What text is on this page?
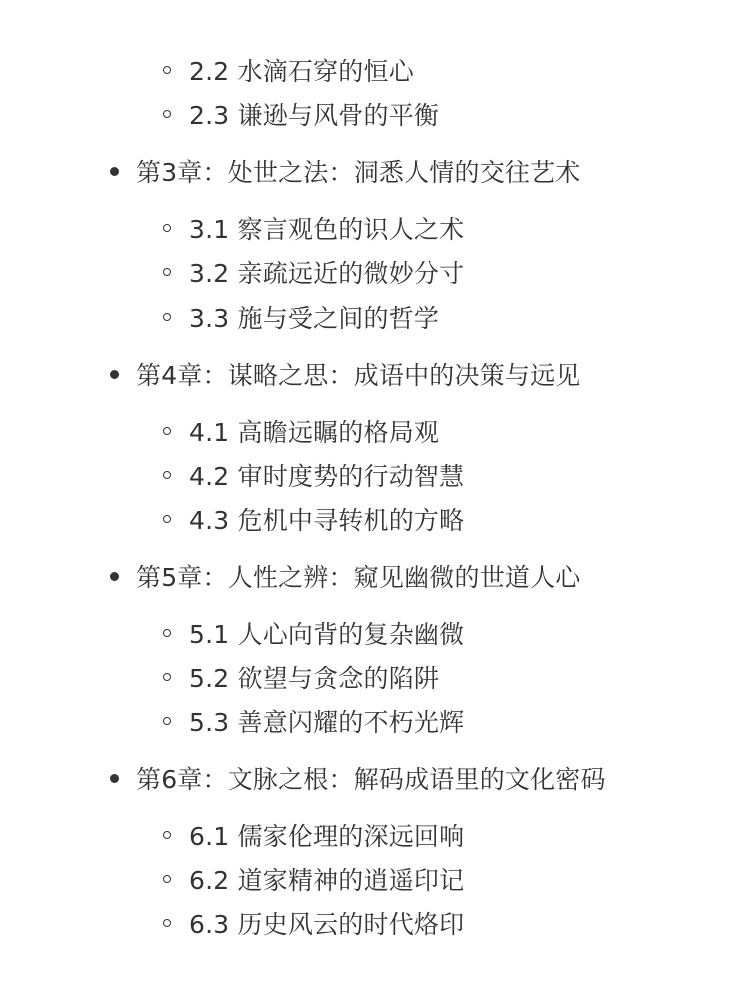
2.2 水滴石穿的恒心
2.3 谦逊与风骨的平衡
第3章：处世之法：洞悉人情的交往艺术
3.1 察言观色的识人之术
3.2 亲疏远近的微妙分寸
3.3 施与受之间的哲学
第4章：谋略之思：成语中的决策与远见
4.1 高瞻远瞩的格局观
4.2 审时度势的行动智慧
4.3 危机中寻转机的方略
第5章：人性之辨：窥见幽微的世道人心
5.1 人心向背的复杂幽微
5.2 欲望与贪念的陷阱
5.3 善意闪耀的不朽光辉
第6章：文脉之根：解码成语里的文化密码
6.1 儒家伦理的深远回响
6.2 道家精神的逍遥印记
6.3 历史风云的时代烙印
